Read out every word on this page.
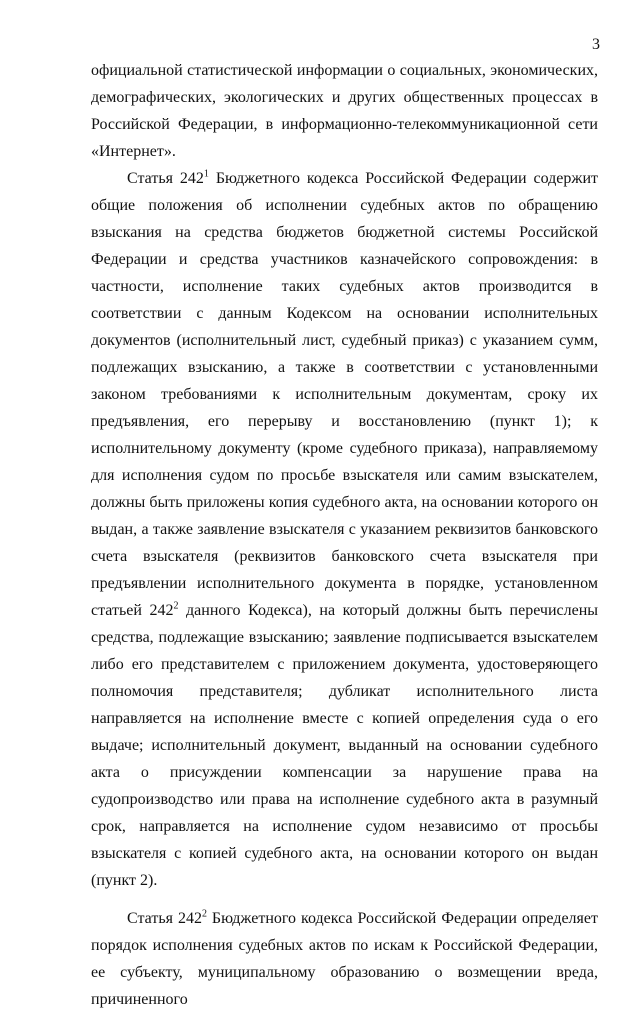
3

официальной статистической информации о социальных, экономических, демографических, экологических и других общественных процессах в Российской Федерации, в информационно-телекоммуникационной сети «Интернет».

Статья $242^1$ Бюджетного кодекса Российской Федерации содержит общие положения об исполнении судебных актов по обращению взыскания на средства бюджетов бюджетной системы Российской Федерации и средства участников казначейского сопровождения: в частности, исполнение таких судебных актов производится в соответствии с данным Кодексом на основании исполнительных документов (исполнительный лист, судебный приказ) с указанием сумм, подлежащих взысканию, а также в соответствии с установленными законом требованиями к исполнительным документам, сроку их предъявления, его перерыву и восстановлению (пункт 1); к исполнительному документу (кроме судебного приказа), направляемому для исполнения судом по просьбе взыскателя или самим взыскателем, должны быть приложены копия судебного акта, на основании которого он выдан, а также заявление взыскателя с указанием реквизитов банковского счета взыскателя (реквизитов банковского счета взыскателя при предъявлении исполнительного документа в порядке, установленном статьей $242^2$ данного Кодекса), на который должны быть перечислены средства, подлежащие взысканию; заявление подписывается взыскателем либо его представителем с приложением документа, удостоверяющего полномочия представителя; дубликат исполнительного листа направляется на исполнение вместе с копией определения суда о его выдаче; исполнительный документ, выданный на основании судебного акта о присуждении компенсации за нарушение права на судопроизводство или права на исполнение судебного акта в разумный срок, направляется на исполнение судом независимо от просьбы взыскателя с копией судебного акта, на основании которого он выдан (пункт 2).

Статья $242^2$ Бюджетного кодекса Российской Федерации определяет порядок исполнения судебных актов по искам к Российской Федерации, ее субъекту, муниципальному образованию о возмещении вреда, причиненного
